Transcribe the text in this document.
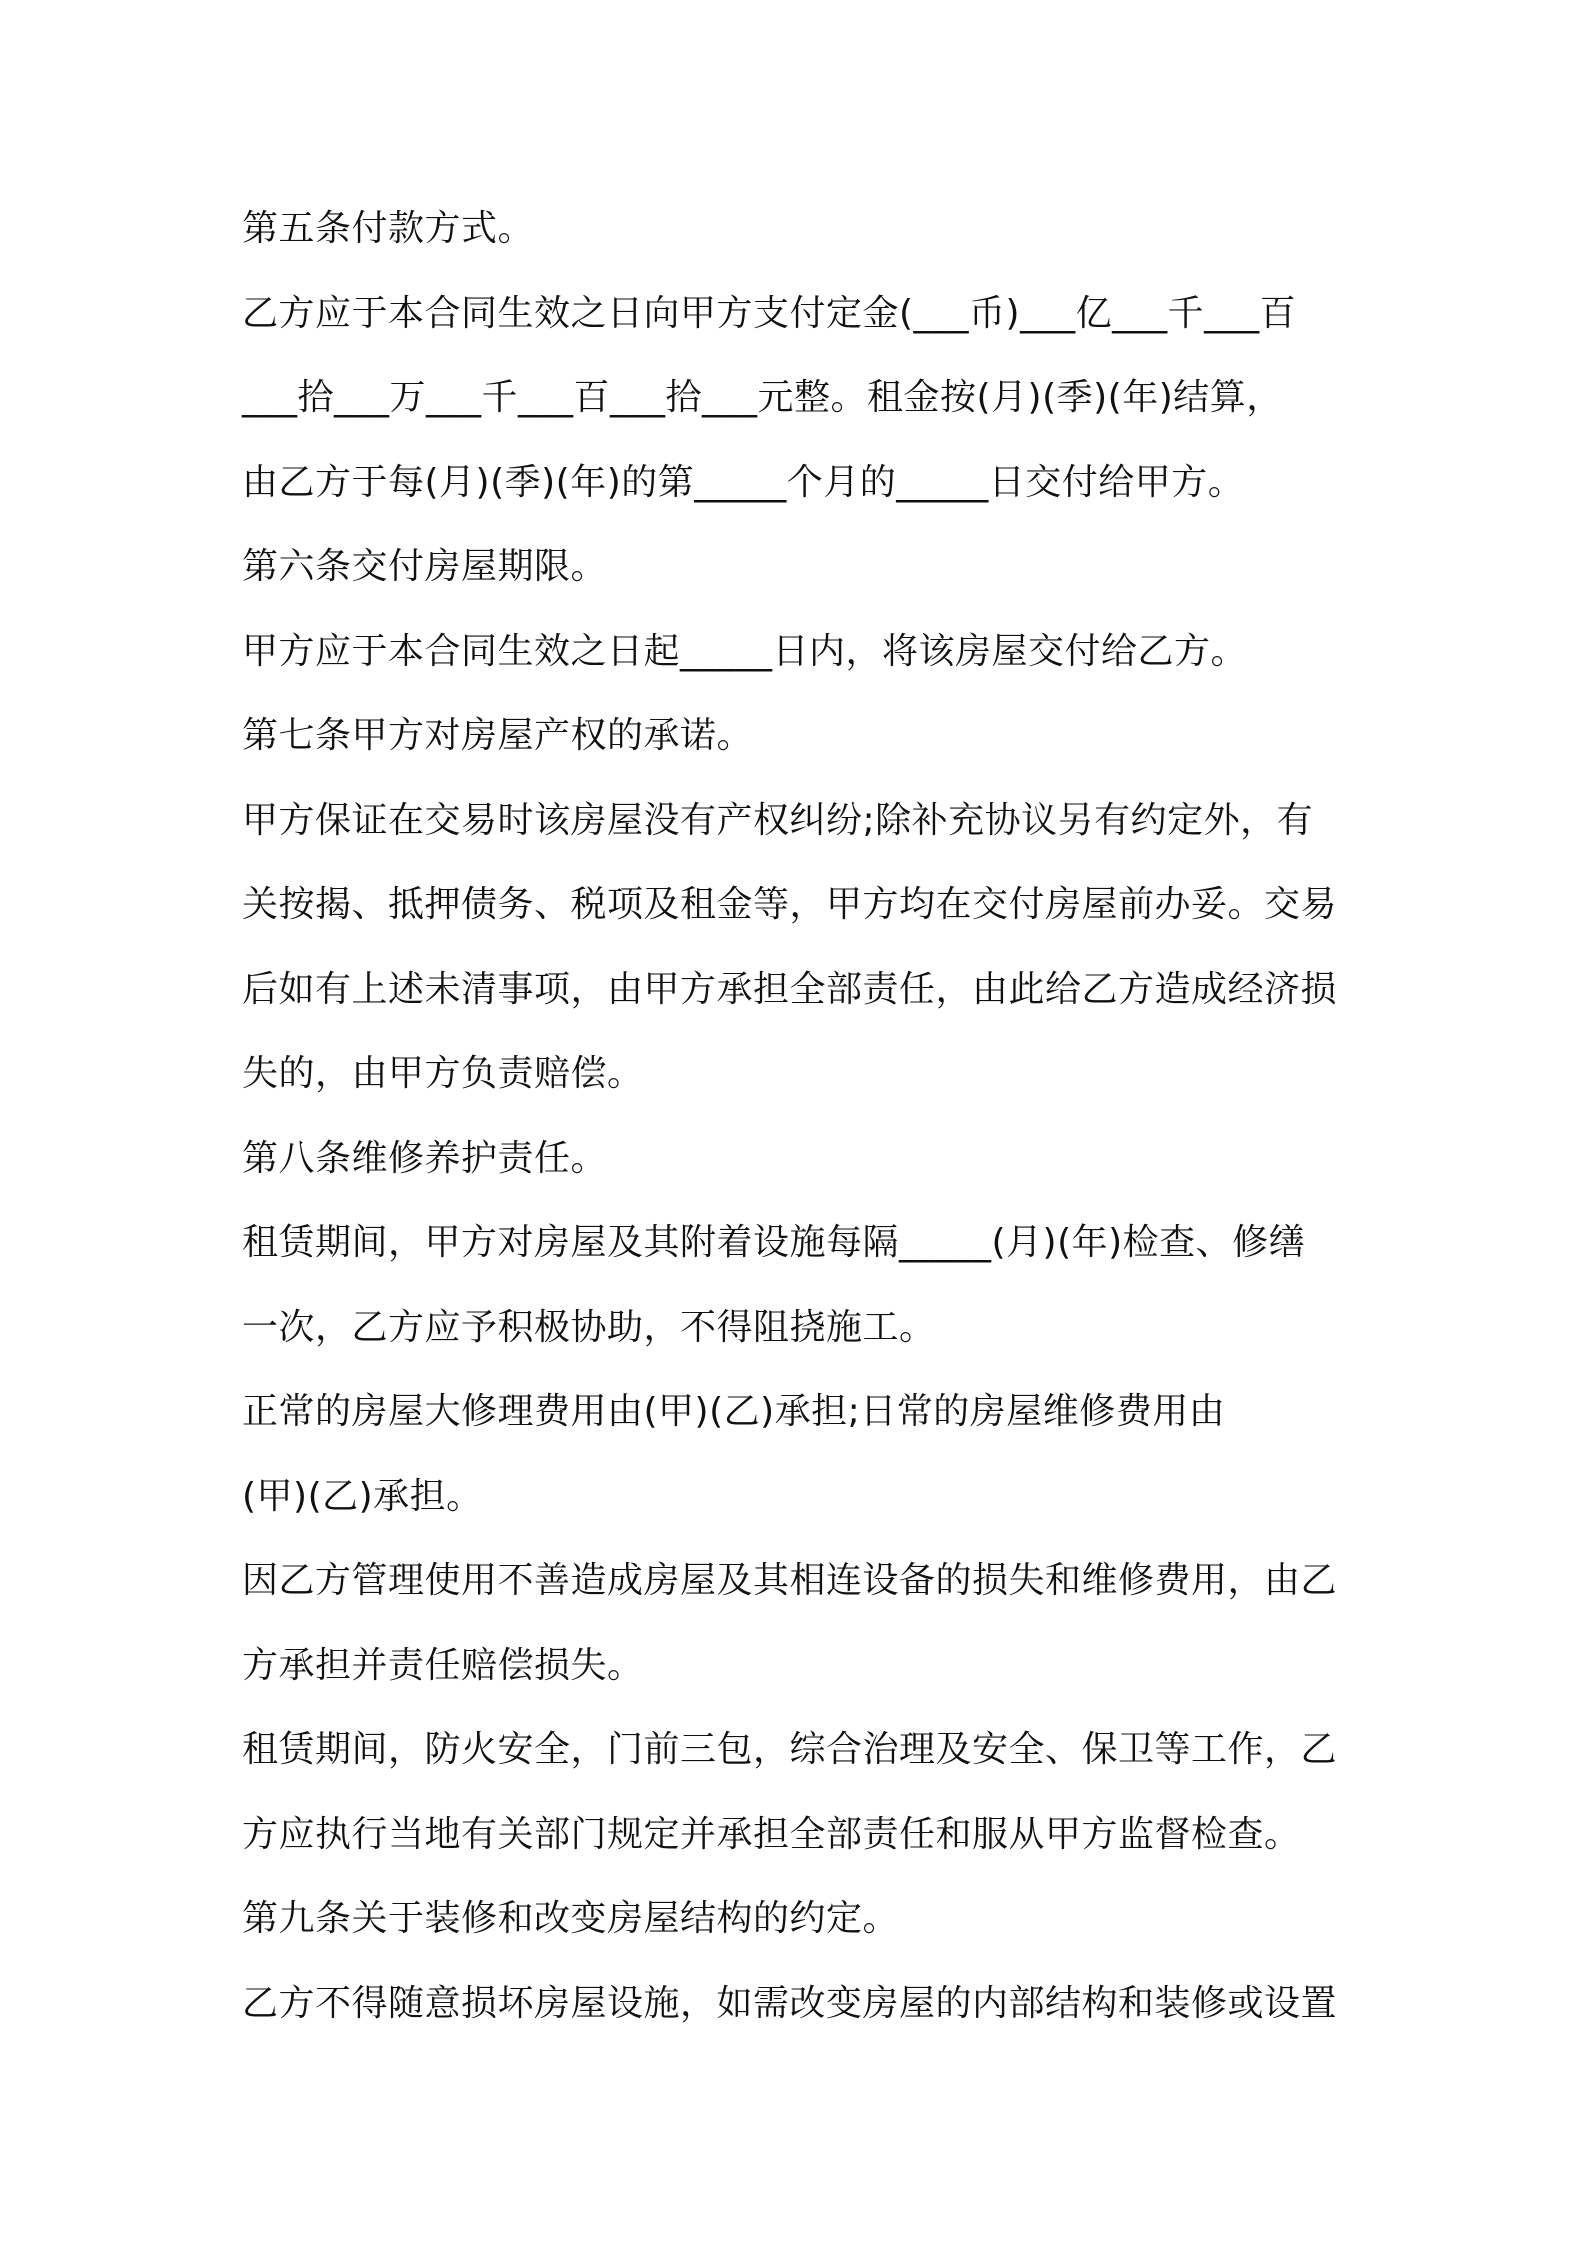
第五条付款方式。
乙方应于本合同生效之日向甲方支付定金(___币)___亿___千___百
___拾___万___千___百___拾___元整。租金按(月)(季)(年)结算，
由乙方于每(月)(季)(年)的第_____个月的_____日交付给甲方。
第六条交付房屋期限。
甲方应于本合同生效之日起_____日内，将该房屋交付给乙方。
第七条甲方对房屋产权的承诺。
甲方保证在交易时该房屋没有产权纠纷;除补充协议另有约定外，有
关按揭、抵押债务、税项及租金等，甲方均在交付房屋前办妥。交易
后如有上述未清事项，由甲方承担全部责任，由此给乙方造成经济损
失的，由甲方负责赔偿。
第八条维修养护责任。
租赁期间，甲方对房屋及其附着设施每隔_____(月)(年)检查、修缮
一次，乙方应予积极协助，不得阻挠施工。
正常的房屋大修理费用由(甲)(乙)承担;日常的房屋维修费用由
(甲)(乙)承担。
因乙方管理使用不善造成房屋及其相连设备的损失和维修费用，由乙
方承担并责任赔偿损失。
租赁期间，防火安全，门前三包，综合治理及安全、保卫等工作，乙
方应执行当地有关部门规定并承担全部责任和服从甲方监督检查。
第九条关于装修和改变房屋结构的约定。
乙方不得随意损坏房屋设施，如需改变房屋的内部结构和装修或设置
